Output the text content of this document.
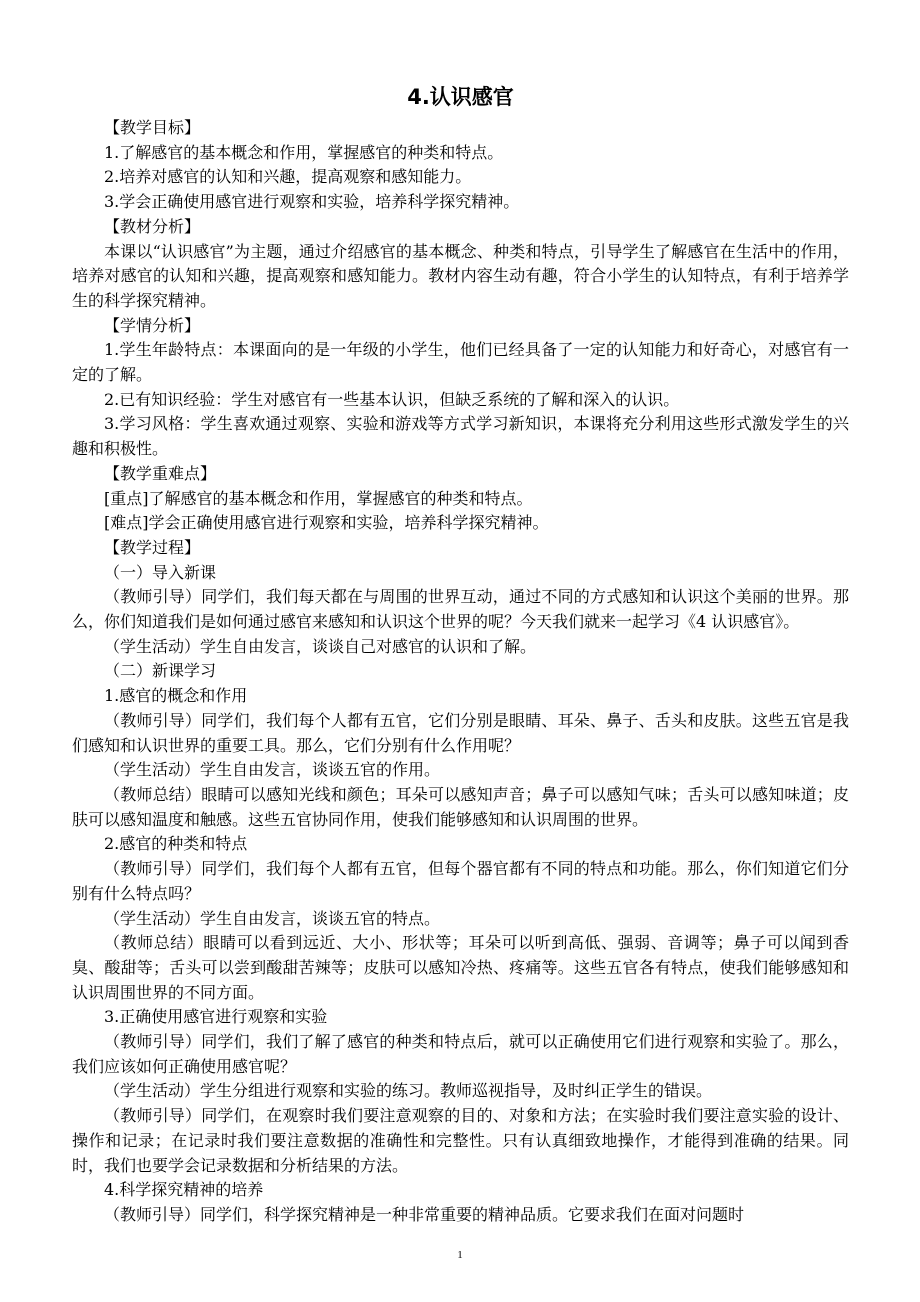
4.认识感官

【教学目标】

1.了解感官的基本概念和作用，掌握感官的种类和特点。

2.培养对感官的认知和兴趣，提高观察和感知能力。

3.学会正确使用感官进行观察和实验，培养科学探究精神。

【教材分析】

本课以“认识感官”为主题，通过介绍感官的基本概念、种类和特点，引导学生了解感官在生活中的作用，培养对感官的认知和兴趣，提高观察和感知能力。教材内容生动有趣，符合小学生的认知特点，有利于培养学生的科学探究精神。

【学情分析】

1.学生年龄特点：本课面向的是一年级的小学生，他们已经具备了一定的认知能力和好奇心，对感官有一定的了解。

2.已有知识经验：学生对感官有一些基本认识，但缺乏系统的了解和深入的认识。

3.学习风格：学生喜欢通过观察、实验和游戏等方式学习新知识，本课将充分利用这些形式激发学生的兴趣和积极性。

【教学重难点】

[重点]了解感官的基本概念和作用，掌握感官的种类和特点。

[难点]学会正确使用感官进行观察和实验，培养科学探究精神。

【教学过程】

（一）导入新课

（教师引导）同学们，我们每天都在与周围的世界互动，通过不同的方式感知和认识这个美丽的世界。那么，你们知道我们是如何通过感官来感知和认识这个世界的呢？今天我们就来一起学习《4 认识感官》。

（学生活动）学生自由发言，谈谈自己对感官的认识和了解。

（二）新课学习

1.感官的概念和作用

（教师引导）同学们，我们每个人都有五官，它们分别是眼睛、耳朵、鼻子、舌头和皮肤。这些五官是我们感知和认识世界的重要工具。那么，它们分别有什么作用呢？

（学生活动）学生自由发言，谈谈五官的作用。

（教师总结）眼睛可以感知光线和颜色；耳朵可以感知声音；鼻子可以感知气味；舌头可以感知味道；皮肤可以感知温度和触感。这些五官协同作用，使我们能够感知和认识周围的世界。

2.感官的种类和特点

（教师引导）同学们，我们每个人都有五官，但每个器官都有不同的特点和功能。那么，你们知道它们分别有什么特点吗？

（学生活动）学生自由发言，谈谈五官的特点。

（教师总结）眼睛可以看到远近、大小、形状等；耳朵可以听到高低、强弱、音调等；鼻子可以闻到香臭、酸甜等；舌头可以尝到酸甜苦辣等；皮肤可以感知冷热、疼痛等。这些五官各有特点，使我们能够感知和认识周围世界的不同方面。

3.正确使用感官进行观察和实验

（教师引导）同学们，我们了解了感官的种类和特点后，就可以正确使用它们进行观察和实验了。那么，我们应该如何正确使用感官呢？

（学生活动）学生分组进行观察和实验的练习。教师巡视指导，及时纠正学生的错误。

（教师引导）同学们，在观察时我们要注意观察的目的、对象和方法；在实验时我们要注意实验的设计、操作和记录；在记录时我们要注意数据的准确性和完整性。只有认真细致地操作，才能得到准确的结果。同时，我们也要学会记录数据和分析结果的方法。

4.科学探究精神的培养

（教师引导）同学们，科学探究精神是一种非常重要的精神品质。它要求我们在面对问题时

1
